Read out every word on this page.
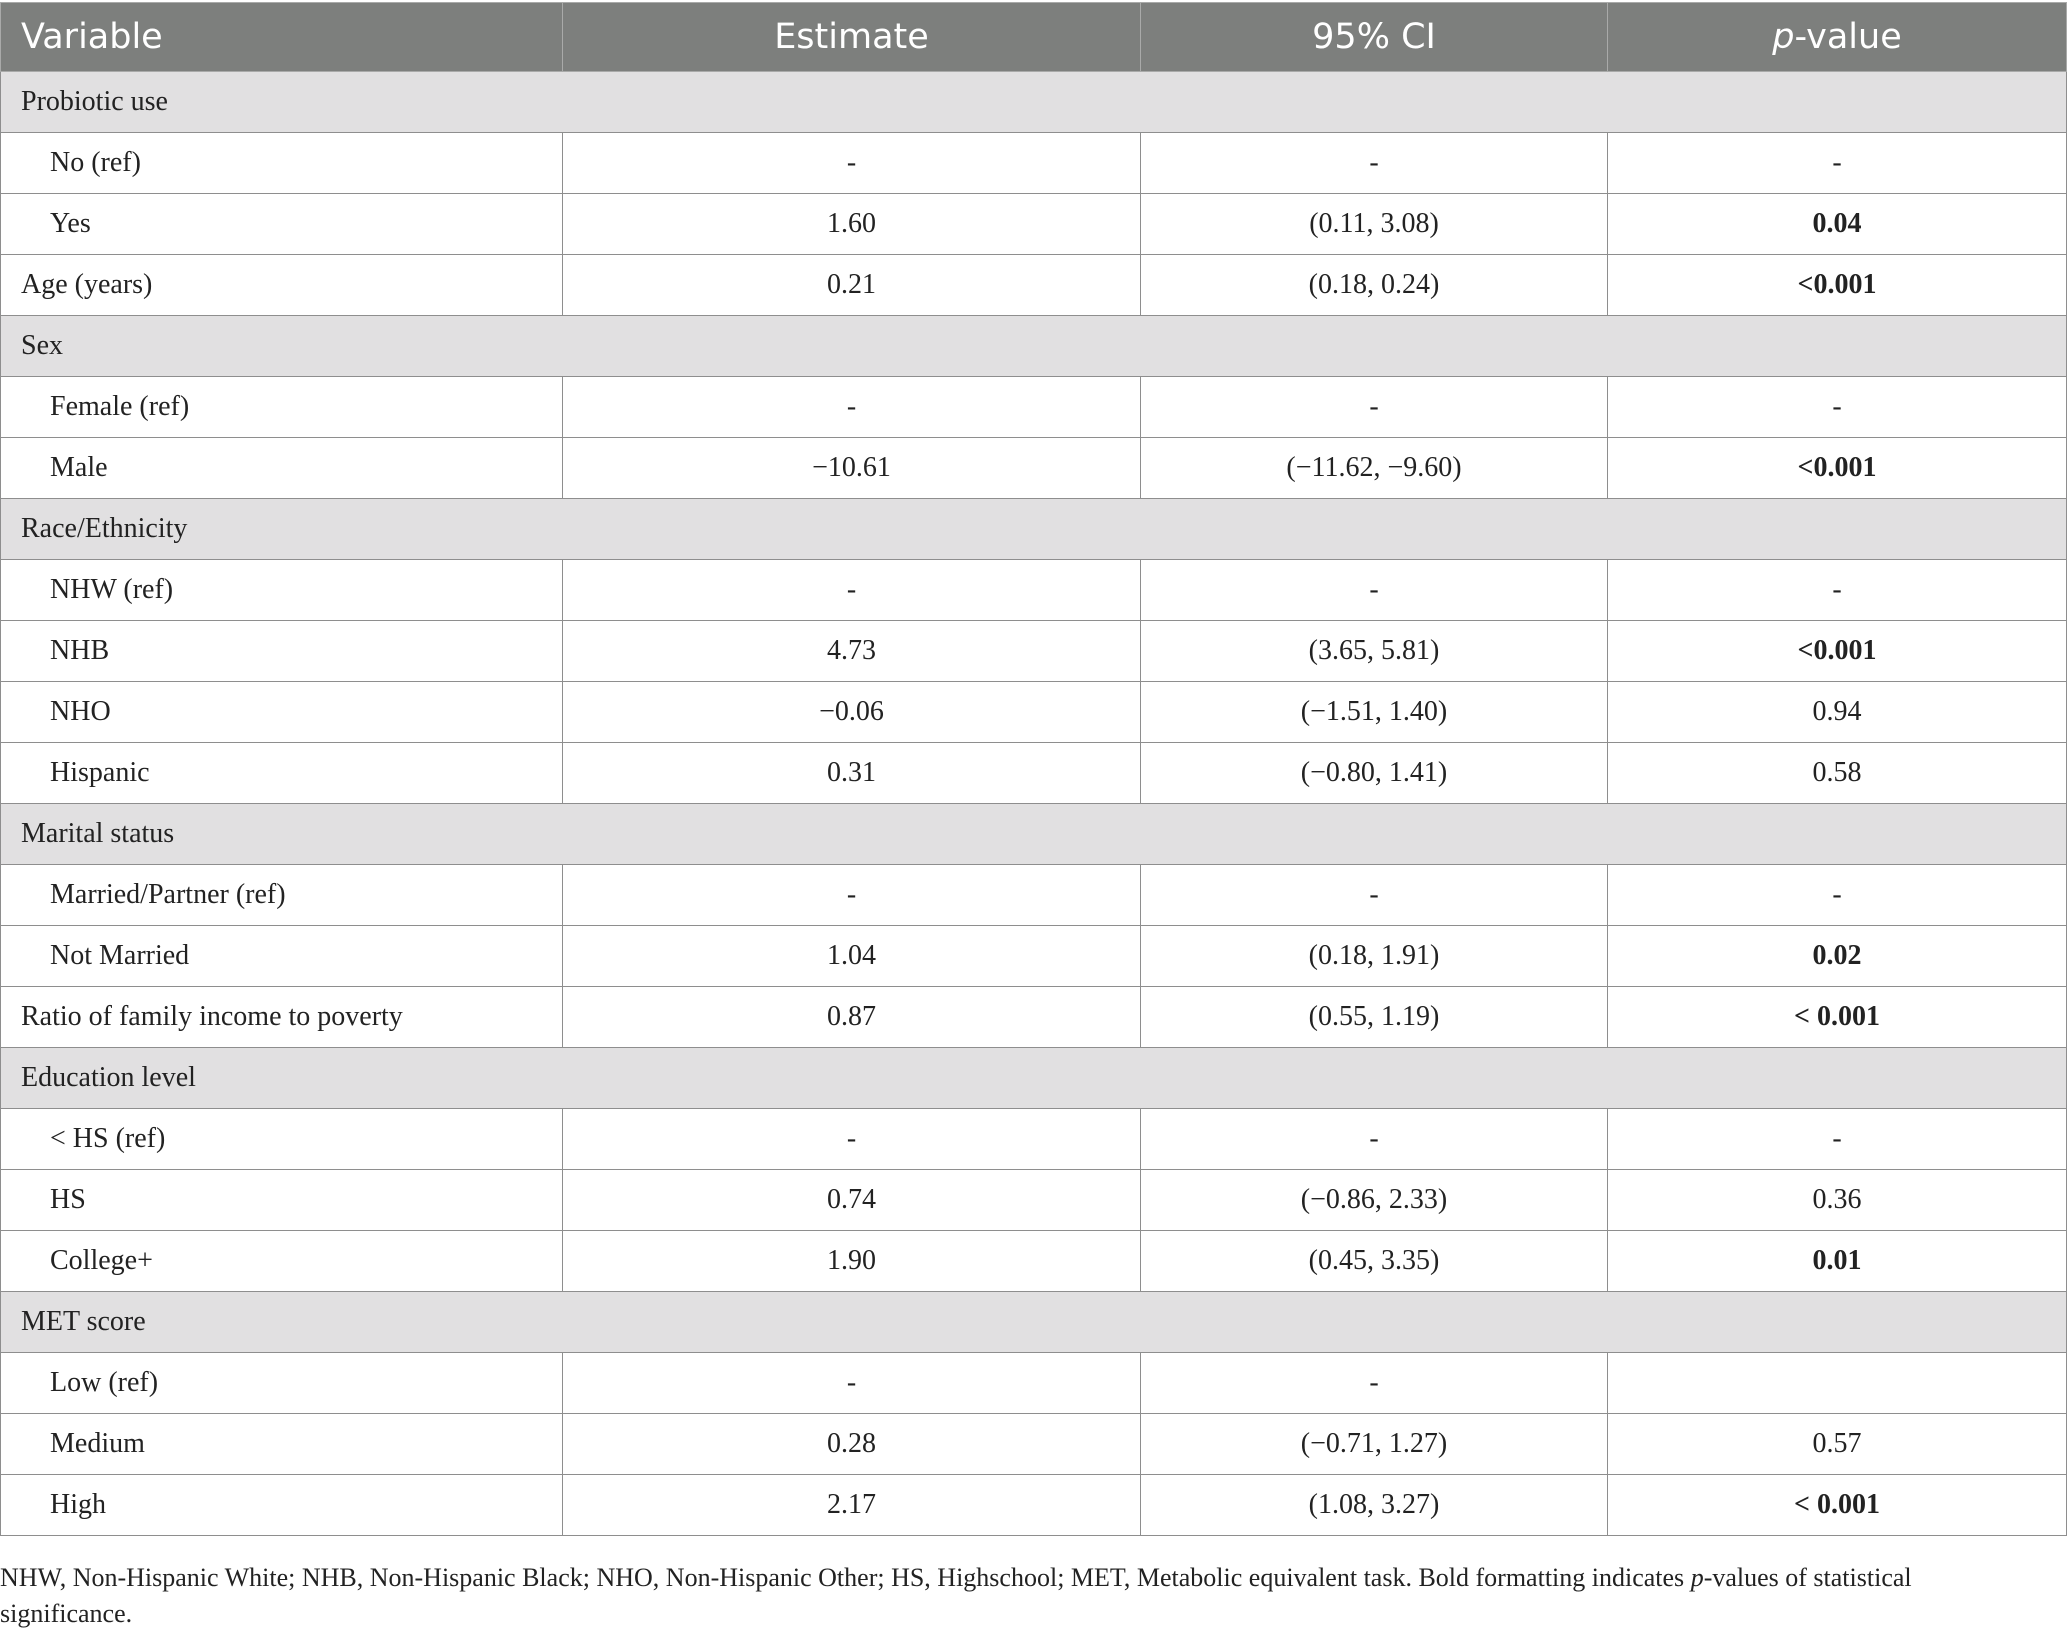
Variable	Estimate	95% CI	p-value
Probiotic use			
No (ref)	-	-	-
Yes	1.60	(0.11, 3.08)	0.04
Age (years)	0.21	(0.18, 0.24)	<0.001
Sex			
Female (ref)	-	-	-
Male	−10.61	(−11.62, −9.60)	<0.001
Race/Ethnicity			
NHW (ref)	-	-	-
NHB	4.73	(3.65, 5.81)	<0.001
NHO	−0.06	(−1.51, 1.40)	0.94
Hispanic	0.31	(−0.80, 1.41)	0.58
Marital status			
Married/Partner (ref)	-	-	-
Not Married	1.04	(0.18, 1.91)	0.02
Ratio of family income to poverty	0.87	(0.55, 1.19)	< 0.001
Education level			
< HS (ref)	-	-	-
HS	0.74	(−0.86, 2.33)	0.36
College+	1.90	(0.45, 3.35)	0.01
MET score			
Low (ref)	-	-	
Medium	0.28	(−0.71, 1.27)	0.57
High	2.17	(1.08, 3.27)	< 0.001
NHW, Non-Hispanic White; NHB, Non-Hispanic Black; NHO, Non-Hispanic Other; HS, Highschool; MET, Metabolic equivalent task. Bold formatting indicates p-values of statistical significance.
